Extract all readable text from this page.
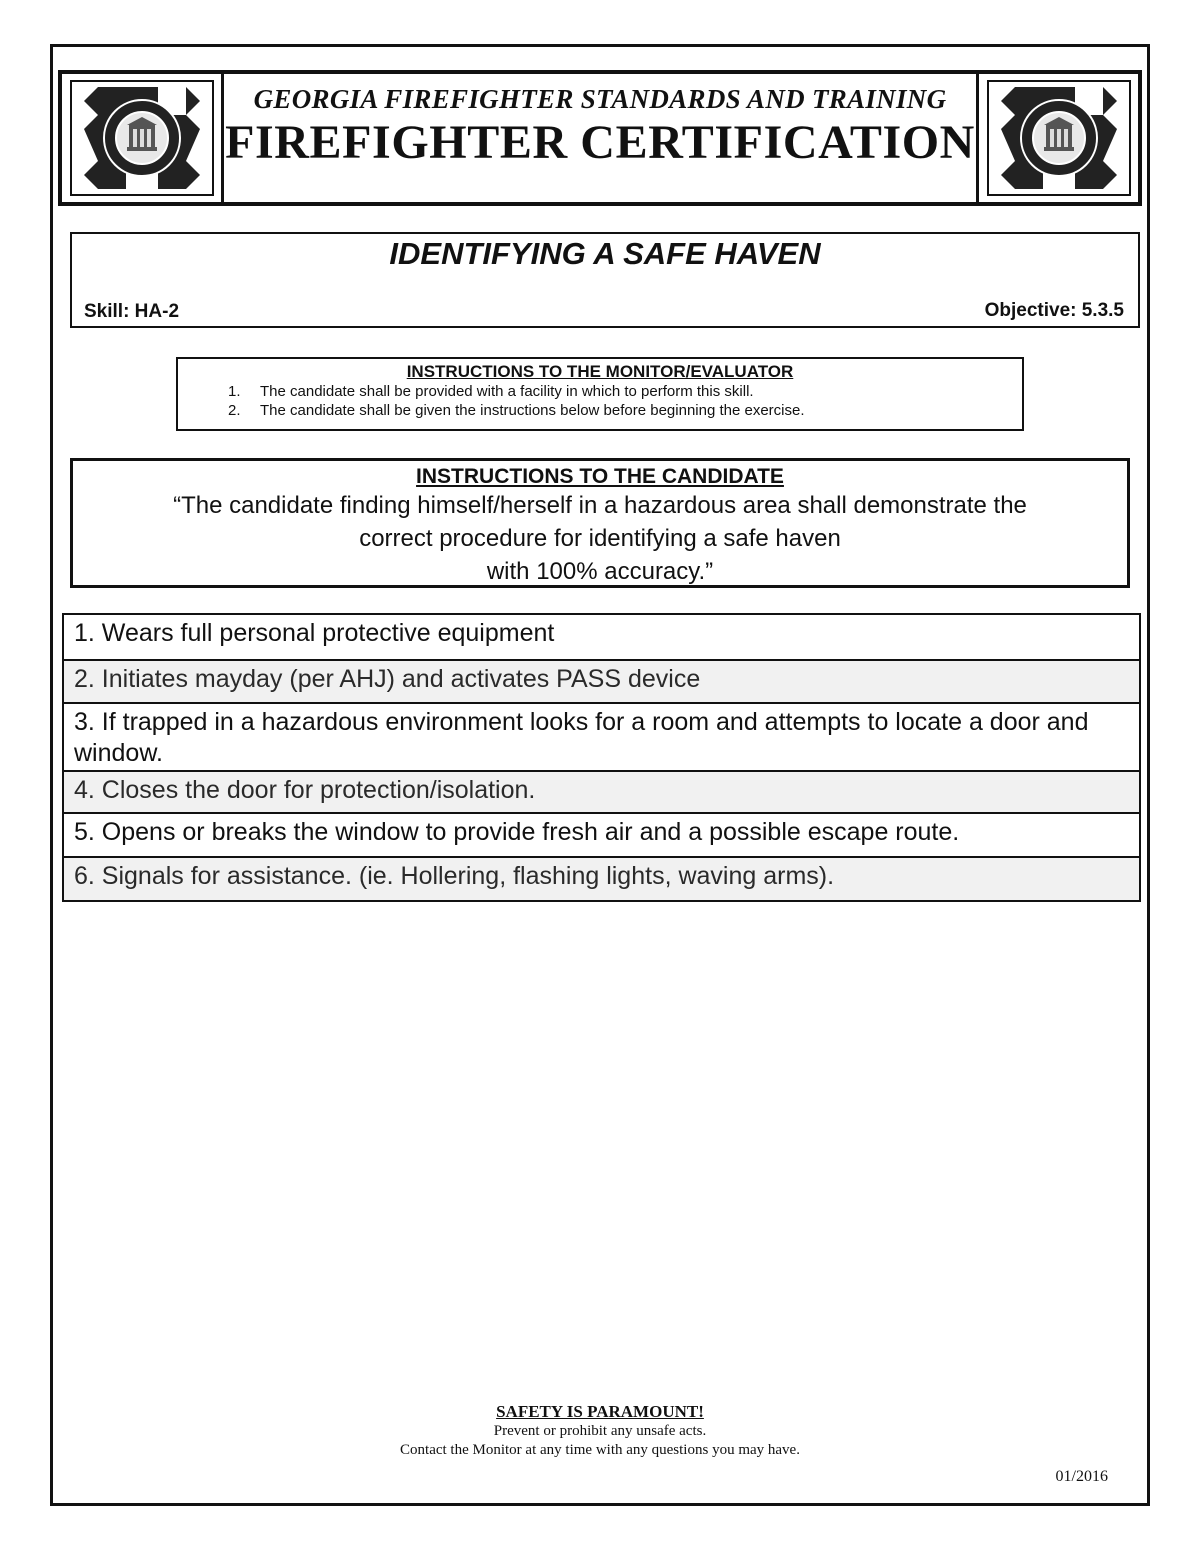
GEORGIA FIREFIGHTER STANDARDS AND TRAINING
FIREFIGHTER CERTIFICATION
IDENTIFYING A SAFE HAVEN
Skill: HA-2	Objective: 5.3.5
INSTRUCTIONS TO THE MONITOR/EVALUATOR
1. The candidate shall be provided with a facility in which to perform this skill.
2. The candidate shall be given the instructions below before beginning the exercise.
INSTRUCTIONS TO THE CANDIDATE
“The candidate finding himself/herself in a hazardous area shall demonstrate the
correct procedure for identifying a safe haven
with 100% accuracy.”
1. Wears full personal protective equipment
2. Initiates mayday (per AHJ) and activates PASS device
3. If trapped in a hazardous environment looks for a room and attempts to locate a door and window.
4. Closes the door for protection/isolation.
5. Opens or breaks the window to provide fresh air and a possible escape route.
6. Signals for assistance. (ie. Hollering, flashing lights, waving arms).
SAFETY IS PARAMOUNT!
Prevent or prohibit any unsafe acts.
Contact the Monitor at any time with any questions you may have.
01/2016
